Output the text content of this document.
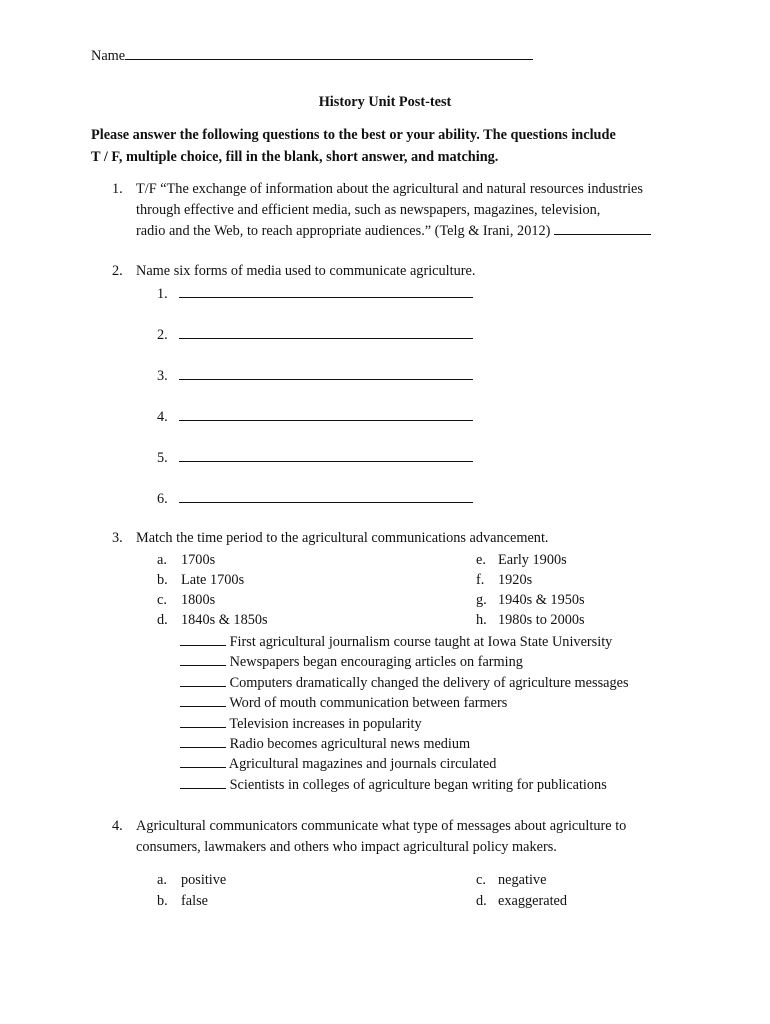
Name
History Unit Post-test
Please answer the following questions to the best or your ability. The questions include
T / F, multiple choice, fill in the blank, short answer, and matching.
1. T/F “The exchange of information about the agricultural and natural resources industries
through effective and efficient media, such as newspapers, magazines, television,
radio and the Web, to reach appropriate audiences.” (Telg & Irani, 2012)
2. Name six forms of media used to communicate agriculture.
1.
2.
3.
4.
5.
6.
3. Match the time period to the agricultural communications advancement.
a. 1700s
b. Late 1700s
c. 1800s
d. 1840s & 1850s
e. Early 1900s
f. 1920s
g. 1940s & 1950s
h. 1980s to 2000s
First agricultural journalism course taught at Iowa State University
Newspapers began encouraging articles on farming
Computers dramatically changed the delivery of agriculture messages
Word of mouth communication between farmers
Television increases in popularity
Radio becomes agricultural news medium
Agricultural magazines and journals circulated
Scientists in colleges of agriculture began writing for publications
4. Agricultural communicators communicate what type of messages about agriculture to
consumers, lawmakers and others who impact agricultural policy makers.
a. positive
b. false
c. negative
d. exaggerated
